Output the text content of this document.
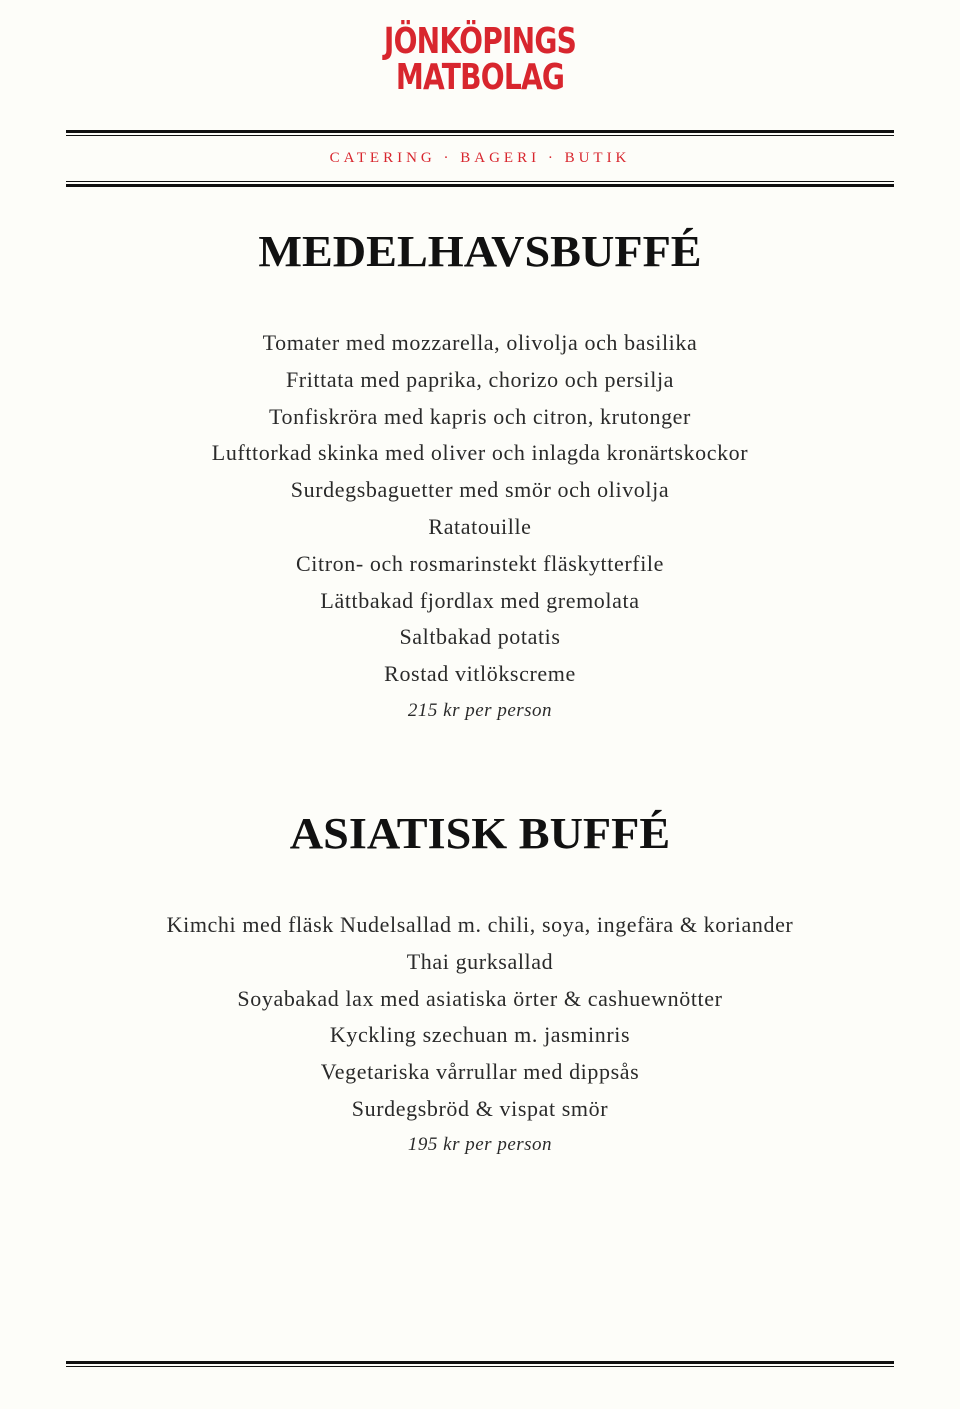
JÖNKÖPINGS
MATBOLAG
CATERING · BAGERI · BUTIK
MEDELHAVSBUFFÉ
Tomater med mozzarella, olivolja och basilika
Frittata med paprika, chorizo och persilja
Tonfiskröra med kapris och citron, krutonger
Lufttorkad skinka med oliver och inlagda kronärtskockor
Surdegsbaguetter med smör och olivolja
Ratatouille
Citron- och rosmarinstekt fläskytterfile
Lättbakad fjordlax med gremolata
Saltbakad potatis
Rostad vitlökscreme
215 kr per person
ASIATISK BUFFÉ
Kimchi med fläsk Nudelsallad m. chili, soya, ingefära & koriander
Thai gurksallad
Soyabakad lax med asiatiska örter & cashuewnötter
Kyckling szechuan m. jasminris
Vegetariska vårrullar med dippsås
Surdegsbröd & vispat smör
195 kr per person
